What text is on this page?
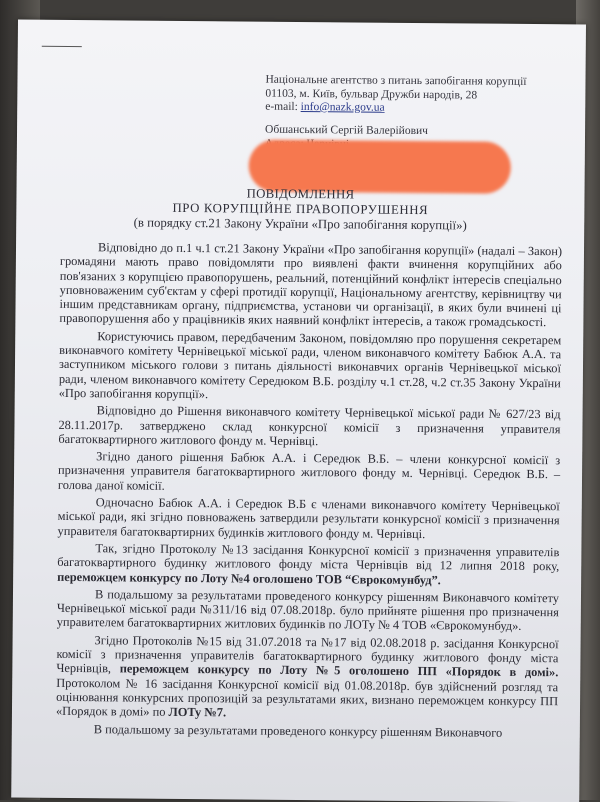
Національне агентство з питань запобігання корупції
01103, м. Київ, бульвар Дружби народів, 28
e-mail: info@nazk.gov.ua
Обшанський Сергій Валерійович
ПОВІДОМЛЕННЯ
ПРО КОРУПЦІЙНЕ ПРАВОПОРУШЕННЯ
(в порядку ст.21 Закону України «Про запобігання корупції»)

Відповідно до п.1 ч.1 ст.21 Закону України «Про запобігання корупції» (надалі – Закон) громадяни мають право повідомляти про виявлені факти вчинення корупційних або пов'язаних з корупцією правопорушень, реальний, потенційний конфлікт інтересів спеціально уповноваженим суб'єктам у сфері протидії корупції, Національному агентству, керівництву чи іншим представникам органу, підприємства, установи чи організації, в яких були вчинені ці правопорушення або у працівників яких наявний конфлікт інтересів, а також громадськості.

Користуючись правом, передбаченим Законом, повідомляю про порушення секретарем виконавчого комітету Чернівецької міської ради, членом виконавчого комітету Бабюк А.А. та заступником міського голови з питань діяльності виконавчих органів Чернівецької міської ради, членом виконавчого комітету Середюком В.Б. розділу ч.1 ст.28, ч.2 ст.35 Закону України «Про запобігання корупції».

Відповідно до Рішення виконавчого комітету Чернівецької міської ради № 627/23 від 28.11.2017р. затверджено склад конкурсної комісії з призначення управителя багатоквартирного житлового фонду м. Чернівці.

Згідно даного рішення Бабюк А.А. і Середюк В.Б. – члени конкурсної комісії з призначення управителя багатоквартирного житлового фонду м. Чернівці. Середюк В.Б. – голова даної комісії.

Одночасно Бабюк А.А. і Середюк В.Б є членами виконавчого комітету Чернівецької міської ради, які згідно повноважень затвердили результати конкурсної комісії з призначення управителя багатоквартирних будинків житлового фонду м. Чернівці.

Так, згідно Протоколу №13 засідання Конкурсної комісії з призначення управителів багатоквартирного будинку житлового фонду міста Чернівців від 12 липня 2018 року, переможцем конкурсу по Лоту №4 оголошено ТОВ “Єврокомунбуд”.

В подальшому за результатами проведеного конкурсу рішенням Виконавчого комітету Чернівецької міської ради №311/16 від 07.08.2018р. було прийняте рішення про призначення управителем багатоквартирних житлових будинків по ЛОТу № 4 ТОВ «Єврокомунбуд».

Згідно Протоколів №15 від 31.07.2018 та №17 від 02.08.2018 р. засідання Конкурсної комісії з призначення управителів багатоквартирного будинку житлового фонду міста Чернівців, переможцем конкурсу по Лоту №5 оголошено ПП «Порядок в домі». Протоколом № 16 засідання Конкурсної комісії від 01.08.2018р. був здійснений розгляд та оцінювання конкурсних пропозицій за результатами яких, визнано переможцем конкурсу ПП «Порядок в домі» по ЛОТу №7.

В подальшому за результатами проведеного конкурсу рішенням Виконавчого
